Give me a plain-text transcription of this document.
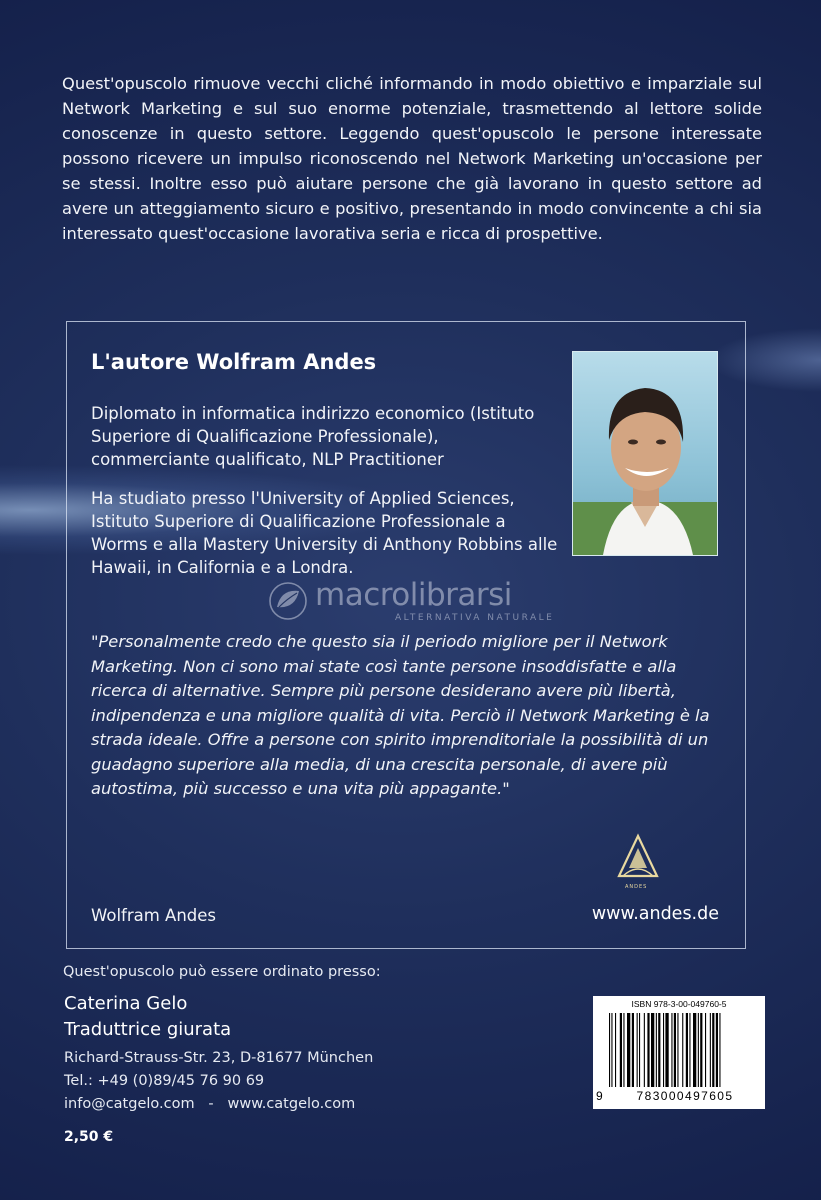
Quest'opuscolo rimuove vecchi cliché informando in modo obiettivo e imparziale sul Network Marketing e sul suo enorme potenziale, trasmettendo al lettore solide conoscenze in questo settore. Leggendo quest'opuscolo le persone interessate possono ricevere un impulso riconoscendo nel Network Marketing un'occasione per se stessi. Inoltre esso può aiutare persone che già lavorano in questo settore ad avere un atteggiamento sicuro e positivo, presentando in modo convincente a chi sia interessato quest'occasione lavorativa seria e ricca di prospettive.

L'autore Wolfram Andes

Diplomato in informatica indirizzo economico (Istituto Superiore di Qualificazione Professionale), commerciante qualificato, NLP Practitioner

Ha studiato presso l'University of Applied Sciences, Istituto Superiore di Qualificazione Professionale a Worms e alla Mastery University di Anthony Robbins alle Hawaii, in California e a Londra.

macrolibrarsi
ALTERNATIVA NATURALE

"Personalmente credo che questo sia il periodo migliore per il Network Marketing. Non ci sono mai state così tante persone insoddisfatte e alla ricerca di alternative. Sempre più persone desiderano avere più libertà, indipendenza e una migliore qualità di vita. Perciò il Network Marketing è la strada ideale. Offre a persone con spirito imprenditoriale la possibilità di un guadagno superiore alla media, di una crescita personale, di avere più autostima, più successo e una vita più appagante."

ANDES
Wolfram Andes	www.andes.de
Quest'opuscolo può essere ordinato presso:
Caterina Gelo
Traduttrice giurata
Richard-Strauss-Str. 23, D-81677 München
Tel.: +49 (0)89/45 76 90 69
info@catgelo.com   -   www.catgelo.com
2,50 €
ISBN 978-3-00-049760-5
9	783000497605
